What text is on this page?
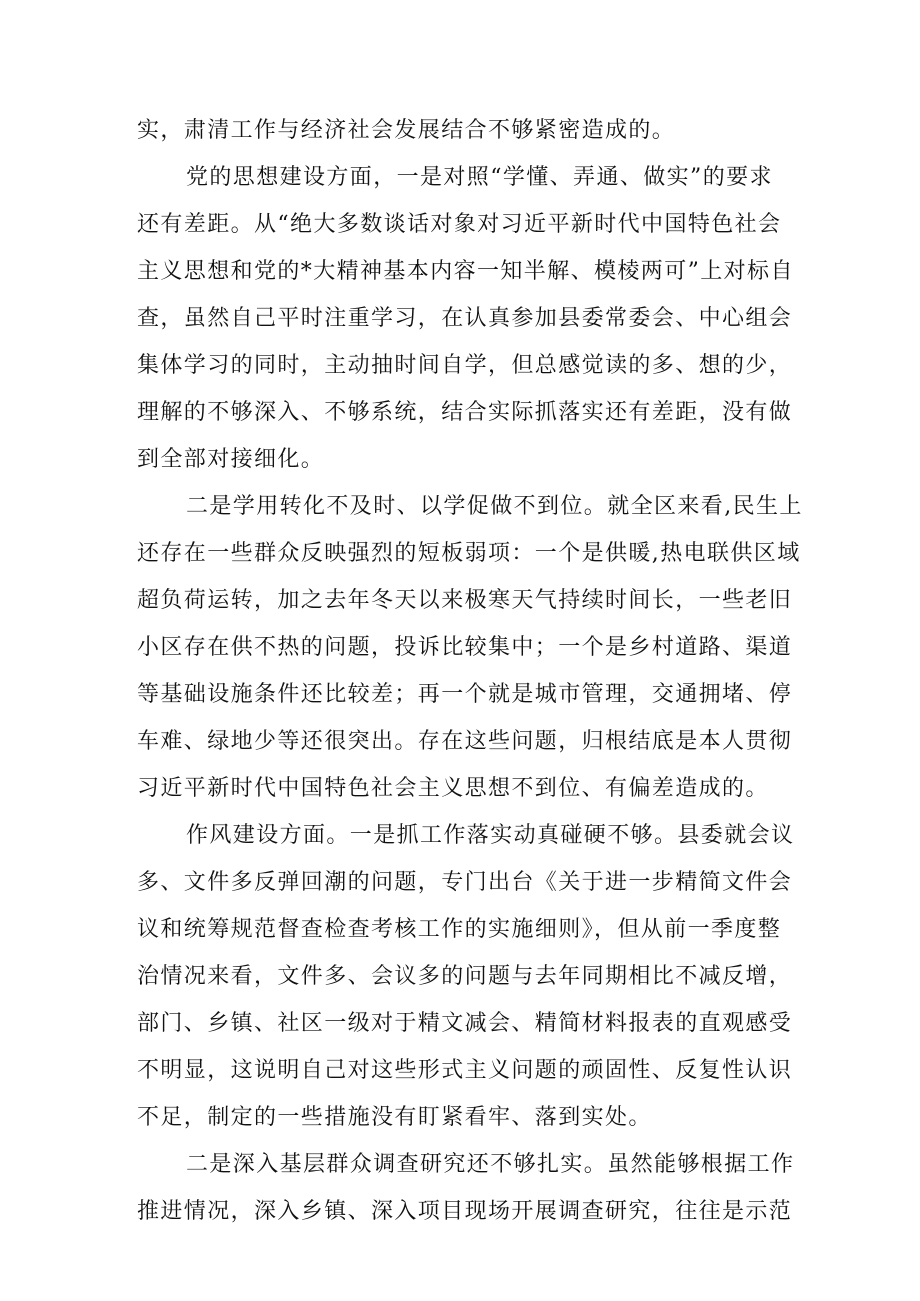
实，肃清工作与经济社会发展结合不够紧密造成的。
党的思想建设方面，一是对照“学懂、弄通、做实”的要求
还有差距。从“绝大多数谈话对象对习近平新时代中国特色社会
主义思想和党的*大精神基本内容一知半解、模棱两可”上对标自
查，虽然自己平时注重学习，在认真参加县委常委会、中心组会
集体学习的同时，主动抽时间自学，但总感觉读的多、想的少，
理解的不够深入、不够系统，结合实际抓落实还有差距，没有做
到全部对接细化。
二是学用转化不及时、以学促做不到位。就全区来看,民生上
还存在一些群众反映强烈的短板弱项：一个是供暖,热电联供区域
超负荷运转，加之去年冬天以来极寒天气持续时间长，一些老旧
小区存在供不热的问题，投诉比较集中；一个是乡村道路、渠道
等基础设施条件还比较差；再一个就是城市管理，交通拥堵、停
车难、绿地少等还很突出。存在这些问题，归根结底是本人贯彻
习近平新时代中国特色社会主义思想不到位、有偏差造成的。
作风建设方面。一是抓工作落实动真碰硬不够。县委就会议
多、文件多反弹回潮的问题，专门出台《关于进一步精简文件会
议和统筹规范督查检查考核工作的实施细则》，但从前一季度整
治情况来看，文件多、会议多的问题与去年同期相比不减反增，
部门、乡镇、社区一级对于精文减会、精简材料报表的直观感受
不明显，这说明自己对这些形式主义问题的顽固性、反复性认识
不足，制定的一些措施没有盯紧看牢、落到实处。
二是深入基层群众调查研究还不够扎实。虽然能够根据工作
推进情况，深入乡镇、深入项目现场开展调查研究，往往是示范
